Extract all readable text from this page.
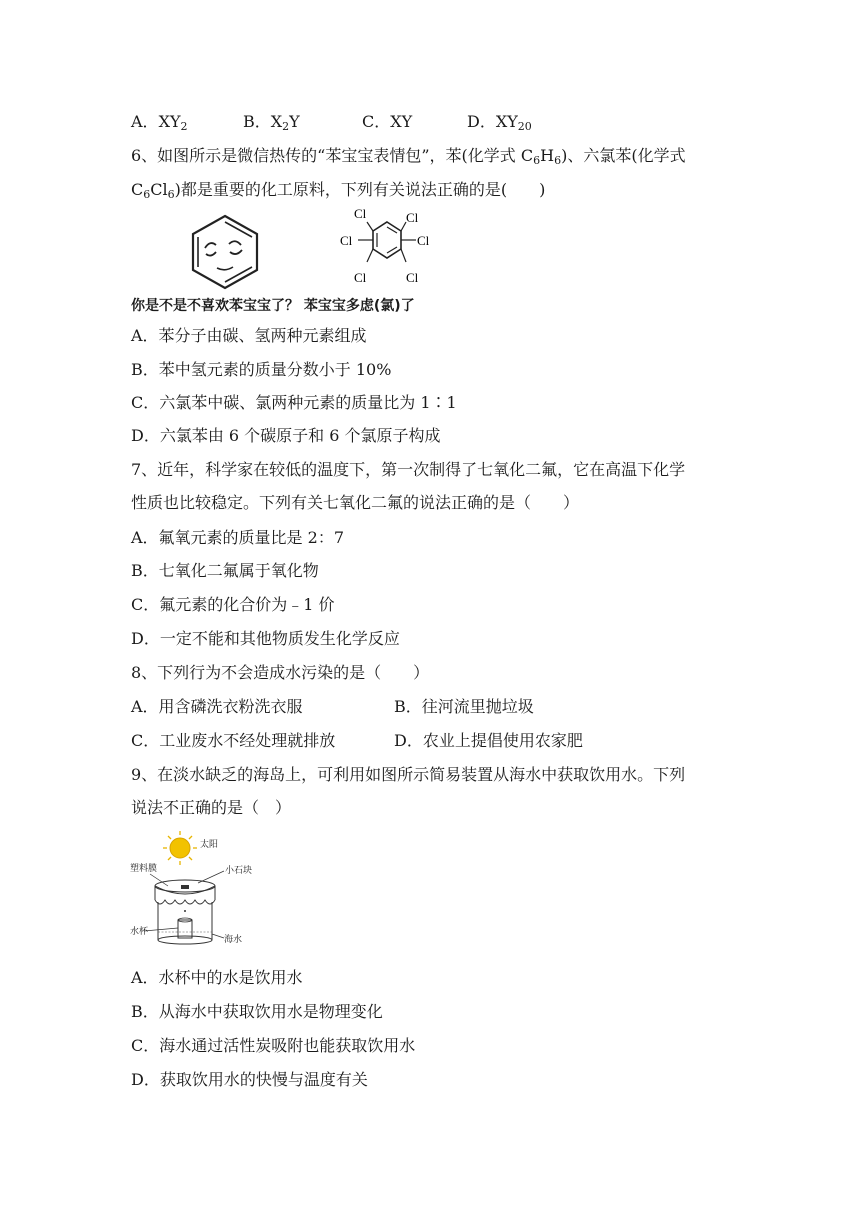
A．$XY_2$	B．$X_2Y$	C．XY	D．$XY_{20}$
6、如图所示是微信热传的“苯宝宝表情包”，苯(化学式 $C_6H_6$)、六氯苯(化学式
$C_6Cl_6$)都是重要的化工原料，下列有关说法正确的是(　　)
Cl	Cl
Cl	Cl
Cl	Cl
你是不是不喜欢苯宝宝了？ 苯宝宝多虑(氯)了
A．苯分子由碳、氢两种元素组成
B．苯中氢元素的质量分数小于 10%
C．六氯苯中碳、氯两种元素的质量比为 1∶1
D．六氯苯由 6 个碳原子和 6 个氯原子构成
7、近年，科学家在较低的温度下，第一次制得了七氧化二氟，它在高温下化学
性质也比较稳定。下列有关七氧化二氟的说法正确的是（　　）
A．氟氧元素的质量比是 2：7
B．七氧化二氟属于氧化物
C．氟元素的化合价为﹣1 价
D．一定不能和其他物质发生化学反应
8、下列行为不会造成水污染的是（　　）
A．用含磷洗衣粉洗衣服	B．往河流里抛垃圾
C．工业废水不经处理就排放	D．农业上提倡使用农家肥
9、在淡水缺乏的海岛上，可利用如图所示简易装置从海水中获取饮用水。下列
说法不正确的是（　）
太阳
塑料膜	小石块
水杯
海水
A．水杯中的水是饮用水
B．从海水中获取饮用水是物理变化
C．海水通过活性炭吸附也能获取饮用水
D．获取饮用水的快慢与温度有关
